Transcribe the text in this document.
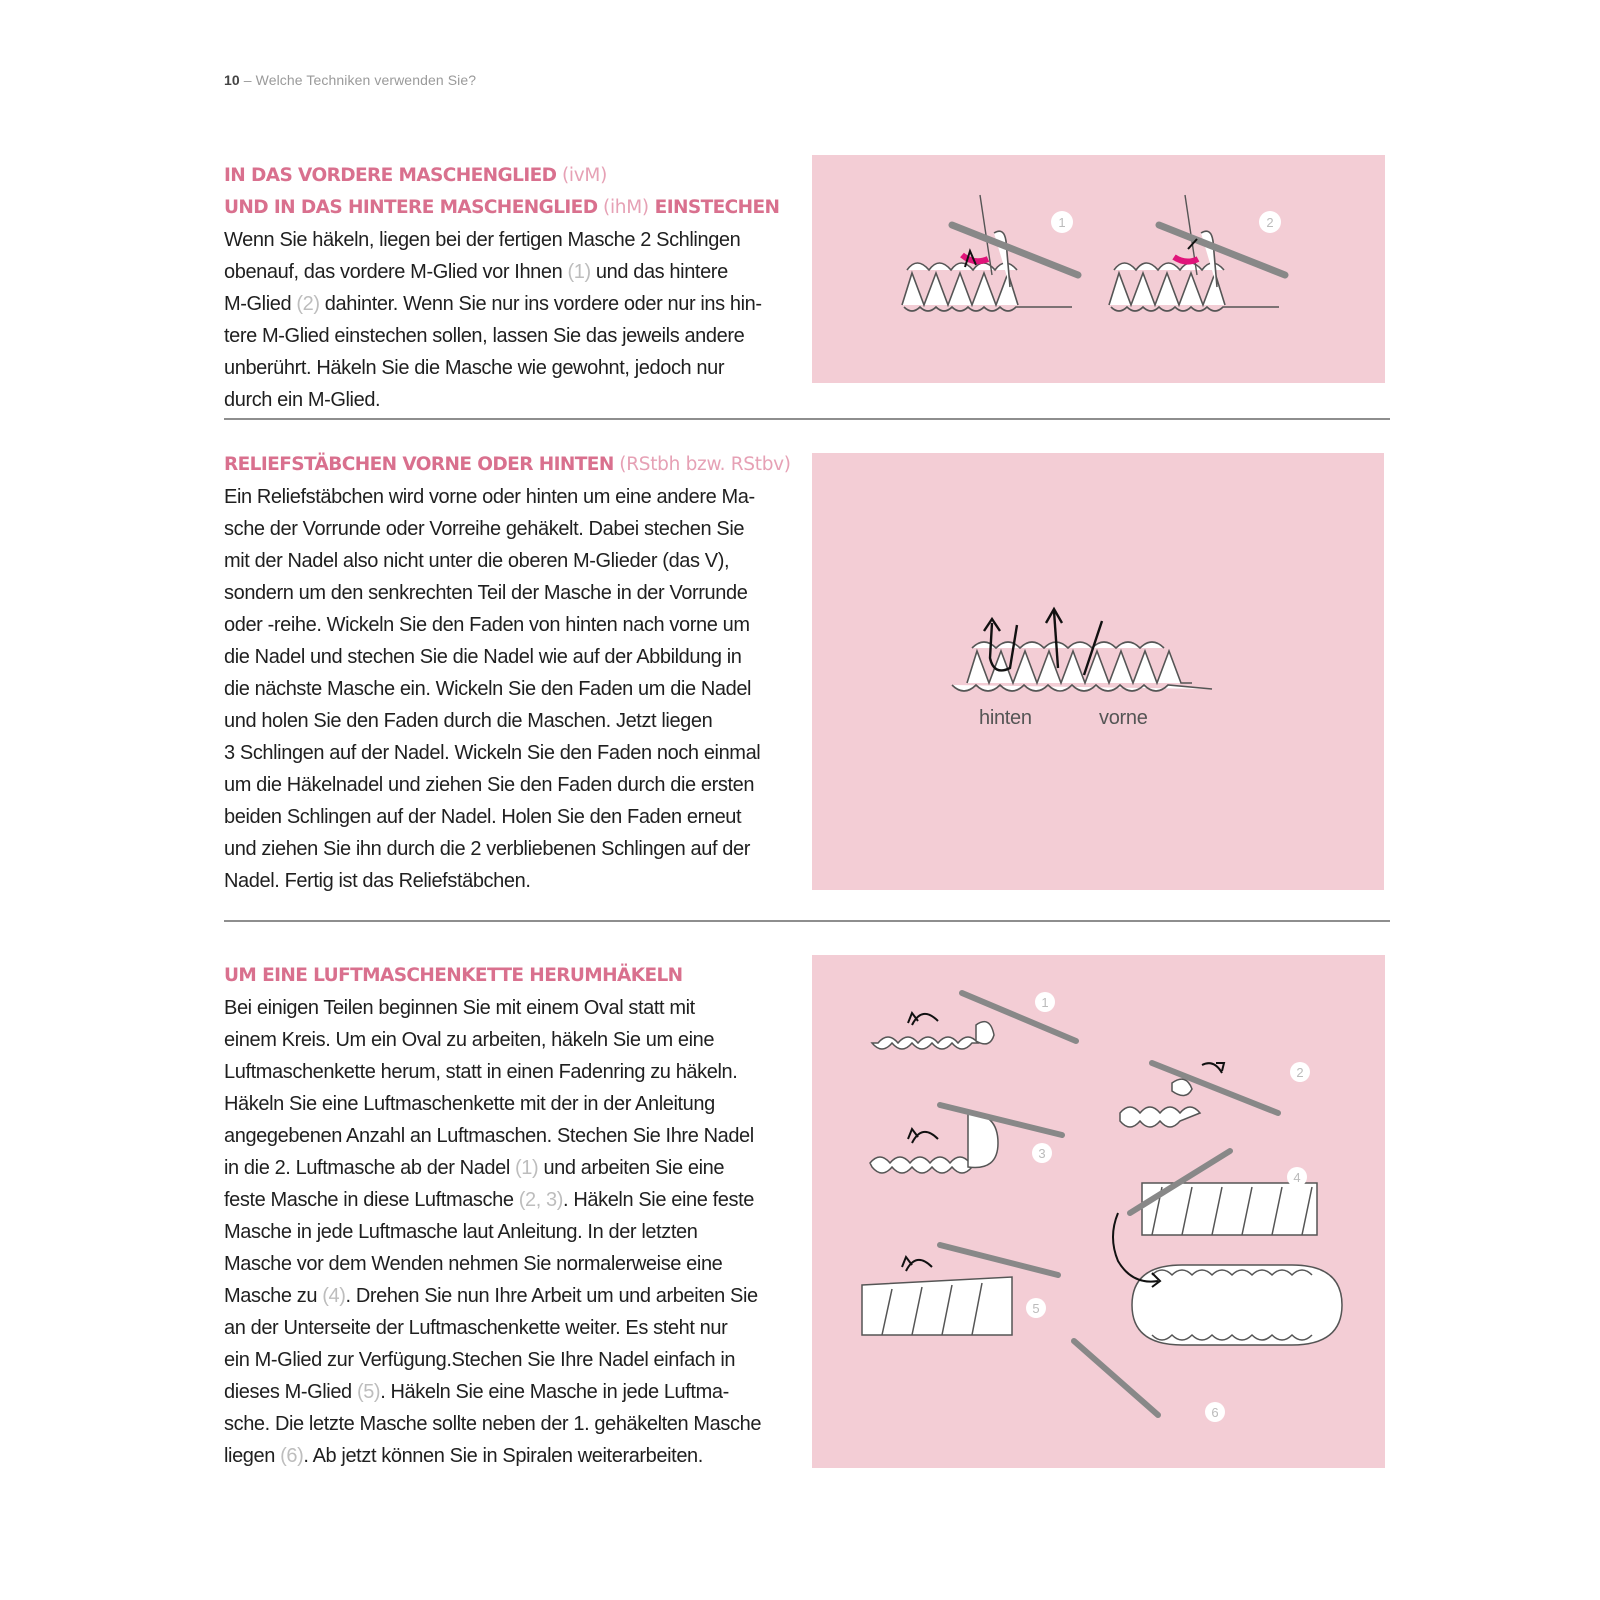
10 – Welche Techniken verwenden Sie?
IN DAS VORDERE MASCHENGLIED (ivM)
UND IN DAS HINTERE MASCHENGLIED (ihM) EINSTECHEN

Wenn Sie häkeln, liegen bei der fertigen Masche 2 Schlingen

obenauf, das vordere M-Glied vor Ihnen (1) und das hintere

M-Glied (2) dahinter. Wenn Sie nur ins vordere oder nur ins hin-

tere M-Glied einstechen sollen, lassen Sie das jeweils andere

unberührt. Häkeln Sie die Masche wie gewohnt, jedoch nur

durch ein M-Glied.

1	2
RELIEFSTÄBCHEN VORNE ODER HINTEN (RStbh bzw. RStbv)

Ein Reliefstäbchen wird vorne oder hinten um eine andere Ma-

sche der Vorrunde oder Vorreihe gehäkelt. Dabei stechen Sie

mit der Nadel also nicht unter die oberen M-Glieder (das V),

sondern um den senkrechten Teil der Masche in der Vorrunde

oder -reihe. Wickeln Sie den Faden von hinten nach vorne um

die Nadel und stechen Sie die Nadel wie auf der Abbildung in

die nächste Masche ein. Wickeln Sie den Faden um die Nadel

und holen Sie den Faden durch die Maschen. Jetzt liegen

3 Schlingen auf der Nadel. Wickeln Sie den Faden noch einmal

um die Häkelnadel und ziehen Sie den Faden durch die ersten

beiden Schlingen auf der Nadel. Holen Sie den Faden erneut

und ziehen Sie ihn durch die 2 verbliebenen Schlingen auf der

Nadel. Fertig ist das Reliefstäbchen.

hinten	vorne
UM EINE LUFTMASCHENKETTE HERUMHÄKELN

Bei einigen Teilen beginnen Sie mit einem Oval statt mit

einem Kreis. Um ein Oval zu arbeiten, häkeln Sie um eine

Luftmaschenkette herum, statt in einen Fadenring zu häkeln.

Häkeln Sie eine Luftmaschenkette mit der in der Anleitung

angegebenen Anzahl an Luftmaschen. Stechen Sie Ihre Nadel

in die 2. Luftmasche ab der Nadel (1) und arbeiten Sie eine

feste Masche in diese Luftmasche (2, 3). Häkeln Sie eine feste

Masche in jede Luftmasche laut Anleitung. In der letzten

Masche vor dem Wenden nehmen Sie normalerweise eine

Masche zu (4). Drehen Sie nun Ihre Arbeit um und arbeiten Sie

an der Unterseite der Luftmaschenkette weiter. Es steht nur

ein M-Glied zur Verfügung.Stechen Sie Ihre Nadel einfach in

dieses M-Glied (5). Häkeln Sie eine Masche in jede Luftma-

sche. Die letzte Masche sollte neben der 1. gehäkelten Masche

liegen (6). Ab jetzt können Sie in Spiralen weiterarbeiten.

1
2
3
4
5
6
